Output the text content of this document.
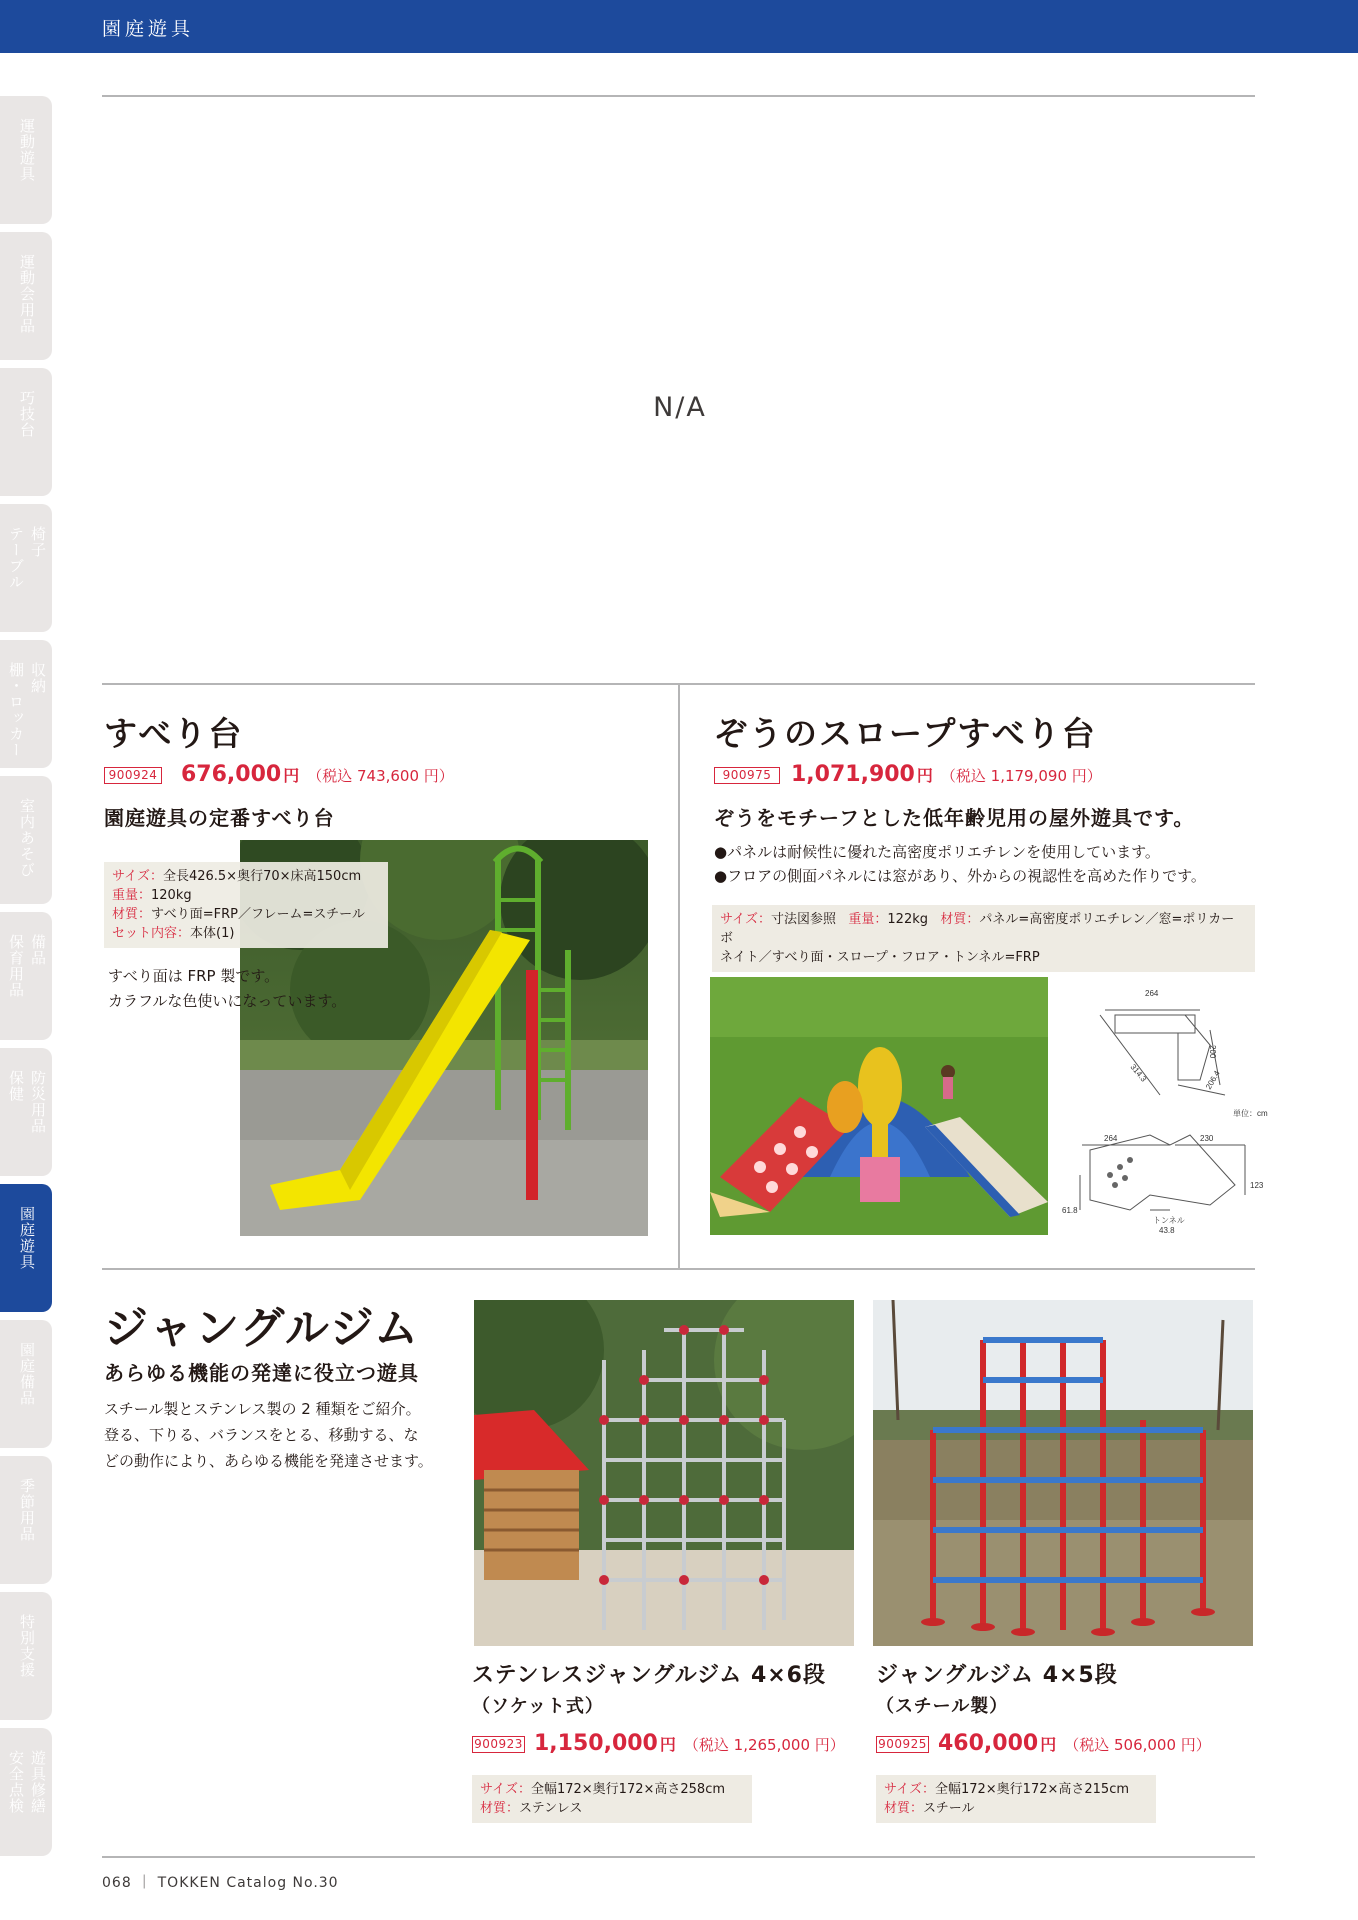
園庭遊具
運動遊具
運動会用品
巧技台
テーブル 椅子
棚・ロッカー 収納
室内あそび
保育用品 備品
保健 防災用品
園庭遊具
園庭備品
季節用品
特別支援
安全点検 遊具修繕
N/A
すべり台
900924 676,000 円 （税込 743,600 円）
園庭遊具の定番すべり台
サイズ：全長426.5×奥行70×床高150cm
重量：120kg
材質：すべり面=FRP／フレーム=スチール
セット内容：本体(1)
すべり面は FRP 製です。
カラフルな色使いになっています。
ぞうのスロープすべり台
900975 1,071,900 円 （税込 1,179,090 円）
ぞうをモチーフとした低年齢児用の屋外遊具です。
●パネルは耐候性に優れた高密度ポリエチレンを使用しています。
●フロアの側面パネルには窓があり、外からの視認性を高めた作りです。
サイズ：寸法図参照 重量：122kg 材質：パネル=高密度ポリエチレン／窓=ポリカーボ
ネイト／すべり面・スロープ・フロア・トンネル=FRP
264
314.3
200
206.4
単位：cm
264	230
123
61.8
トンネル
43.8
ジャングルジム
あらゆる機能の発達に役立つ遊具
スチール製とステンレス製の 2 種類をご紹介。
登る、下りる、バランスをとる、移動する、な
どの動作により、あらゆる機能を発達させます。
ステンレスジャングルジム 4×6段
（ソケット式）
900923 1,150,000 円 （税込 1,265,000 円）
サイズ：全幅172×奥行172×高さ258cm
材質：ステンレス
ジャングルジム 4×5段
（スチール製）
900925 460,000 円 （税込 506,000 円）
サイズ：全幅172×奥行172×高さ215cm
材質：スチール
068 ｜ TOKKEN Catalog No.30
